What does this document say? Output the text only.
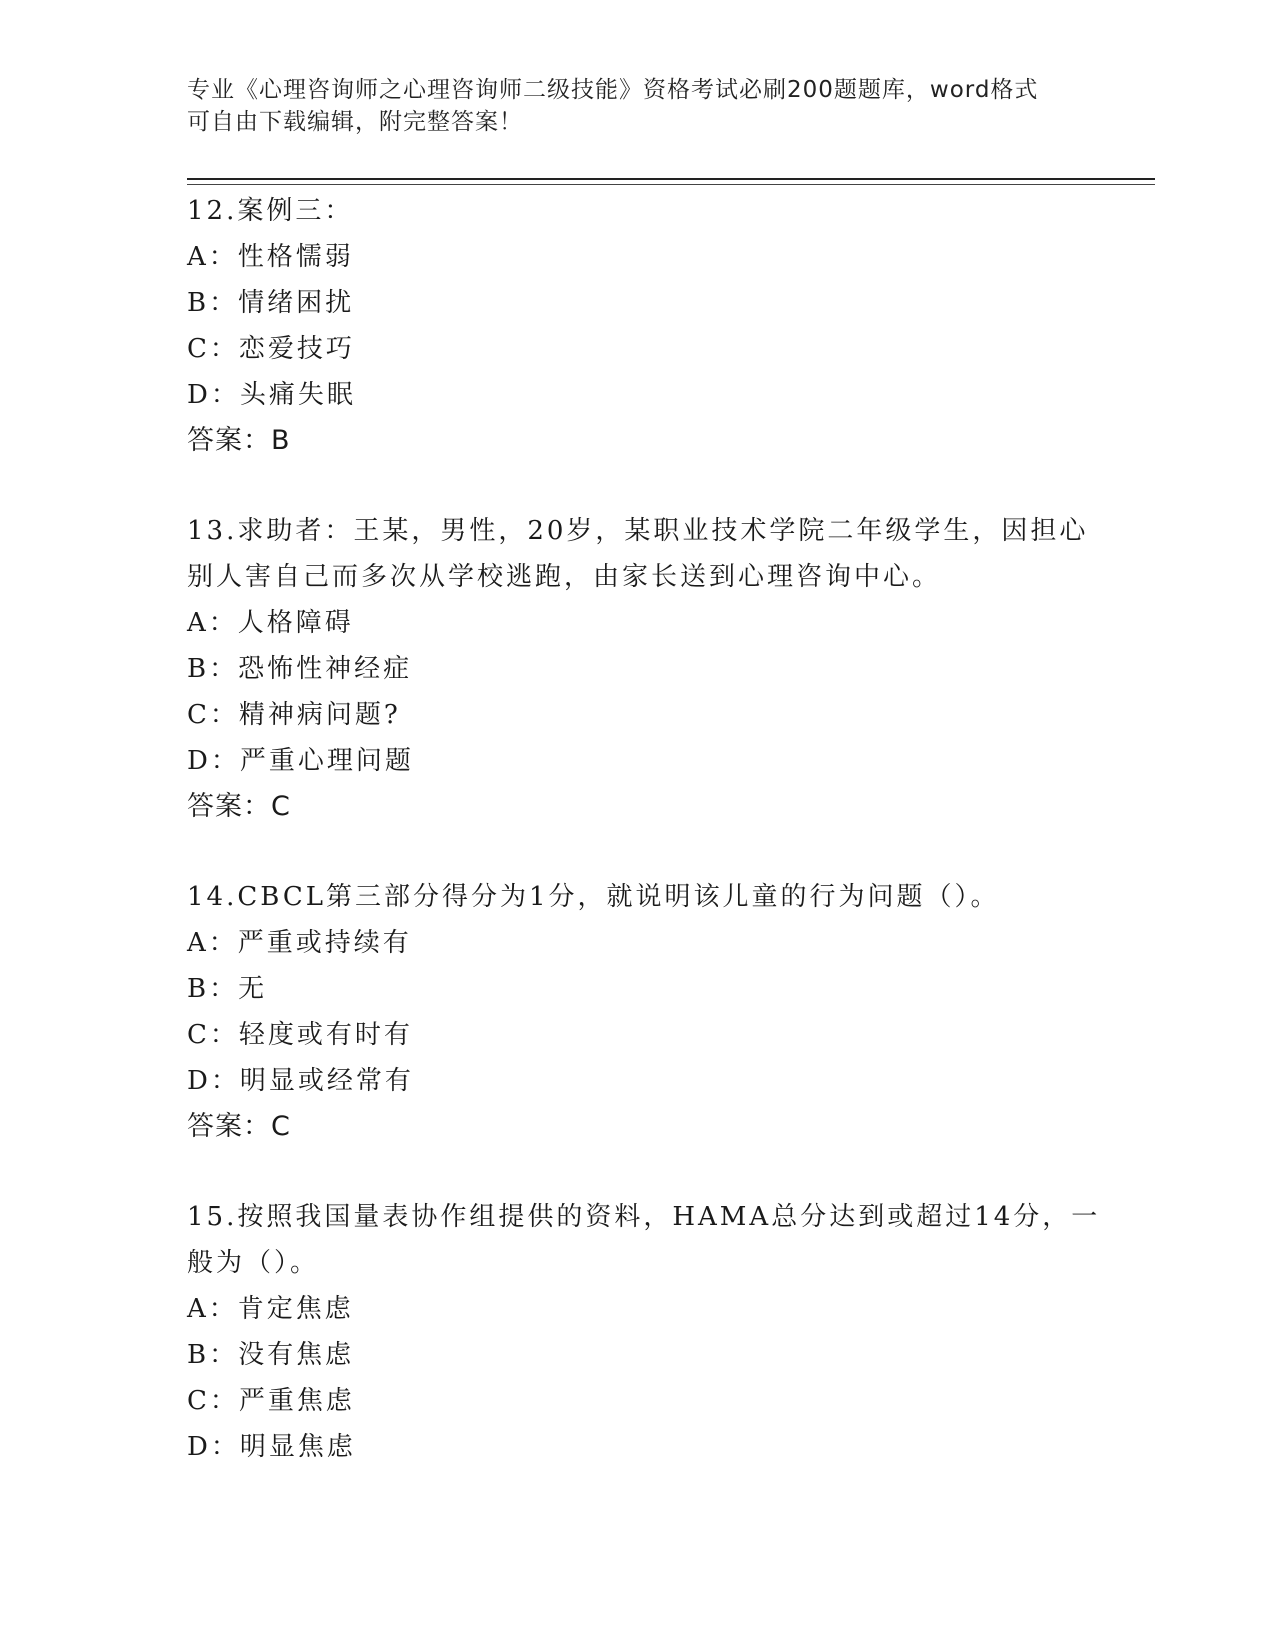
专业《心理咨询师之心理咨询师二级技能》资格考试必刷200题题库，word格式
可自由下载编辑，附完整答案！
12.案例三：
A：性格懦弱
B：情绪困扰
C：恋爱技巧
D：头痛失眠
答案：B
13.求助者：王某，男性，20岁，某职业技术学院二年级学生，因担心
别人害自己而多次从学校逃跑，由家长送到心理咨询中心。
A：人格障碍
B：恐怖性神经症
C：精神病问题?
D：严重心理问题
答案：C
14.CBCL第三部分得分为1分，就说明该儿童的行为问题（）。
A：严重或持续有
B：无
C：轻度或有时有
D：明显或经常有
答案：C
15.按照我国量表协作组提供的资料，HAMA总分达到或超过14分，一
般为（）。
A：肯定焦虑
B：没有焦虑
C：严重焦虑
D：明显焦虑
